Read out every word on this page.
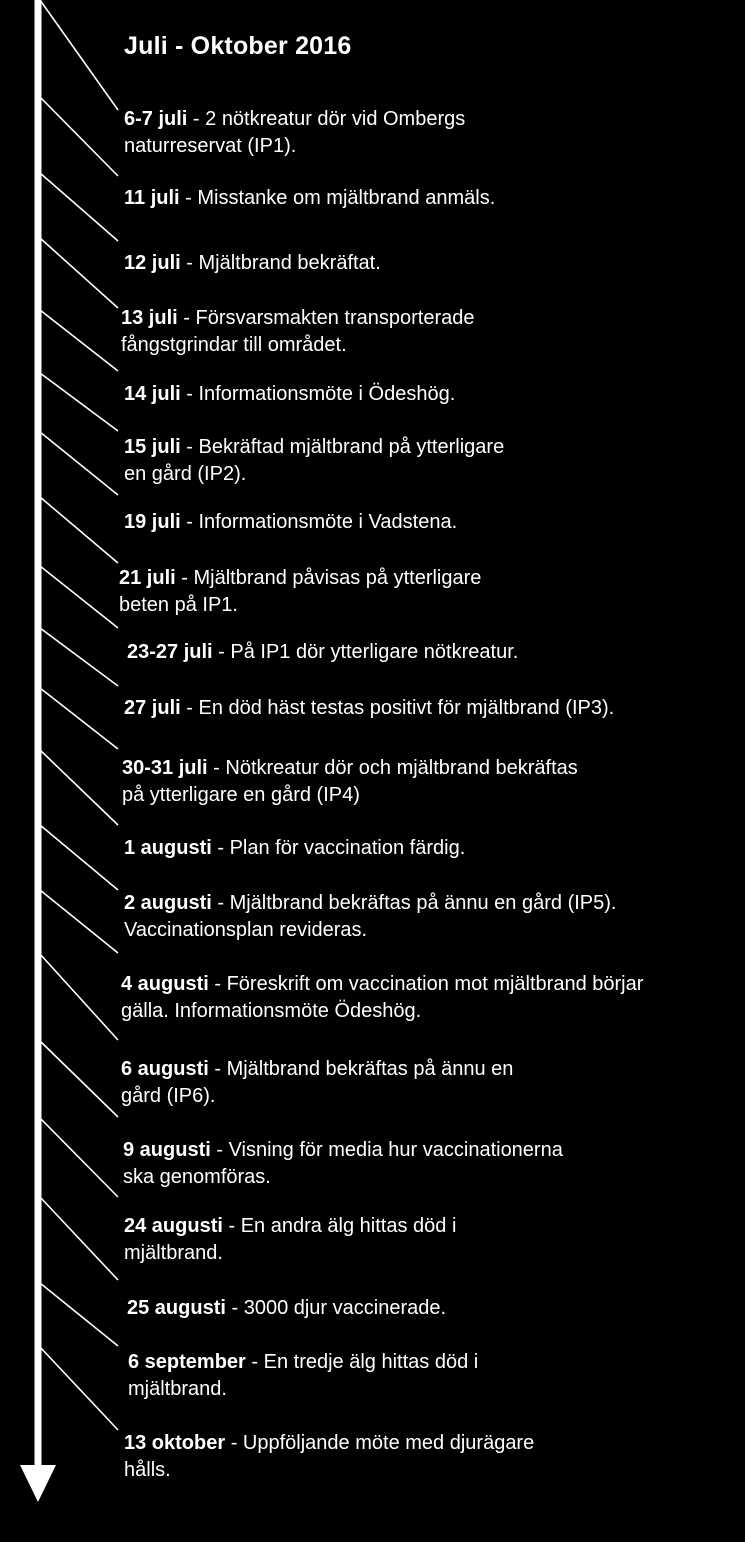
Juli - Oktober 2016
6-7 juli - 2 nötkreatur dör vid Ombergs
naturreservat (IP1).
11 juli - Misstanke om mjältbrand anmäls.
12 juli - Mjältbrand bekräftat.
13 juli - Försvarsmakten transporterade
fångstgrindar till området.
14 juli - Informationsmöte i Ödeshög.
15 juli - Bekräftad mjältbrand på ytterligare
en gård (IP2).
19 juli - Informationsmöte i Vadstena.
21 juli - Mjältbrand påvisas på ytterligare
beten på IP1.
23-27 juli - På IP1 dör ytterligare nötkreatur.
27 juli - En död häst testas positivt för mjältbrand (IP3).
30-31 juli - Nötkreatur dör och mjältbrand bekräftas
på ytterligare en gård (IP4)
1 augusti - Plan för vaccination färdig.
2 augusti - Mjältbrand bekräftas på ännu en gård (IP5).
Vaccinationsplan revideras.
4 augusti - Föreskrift om vaccination mot mjältbrand börjar
gälla. Informationsmöte Ödeshög.
6 augusti - Mjältbrand bekräftas på ännu en
gård (IP6).
9 augusti - Visning för media hur vaccinationerna
ska genomföras.
24 augusti - En andra älg hittas död i
mjältbrand.
25 augusti - 3000 djur vaccinerade.
6 september - En tredje älg hittas död i
mjältbrand.
13 oktober - Uppföljande möte med djurägare
hålls.
